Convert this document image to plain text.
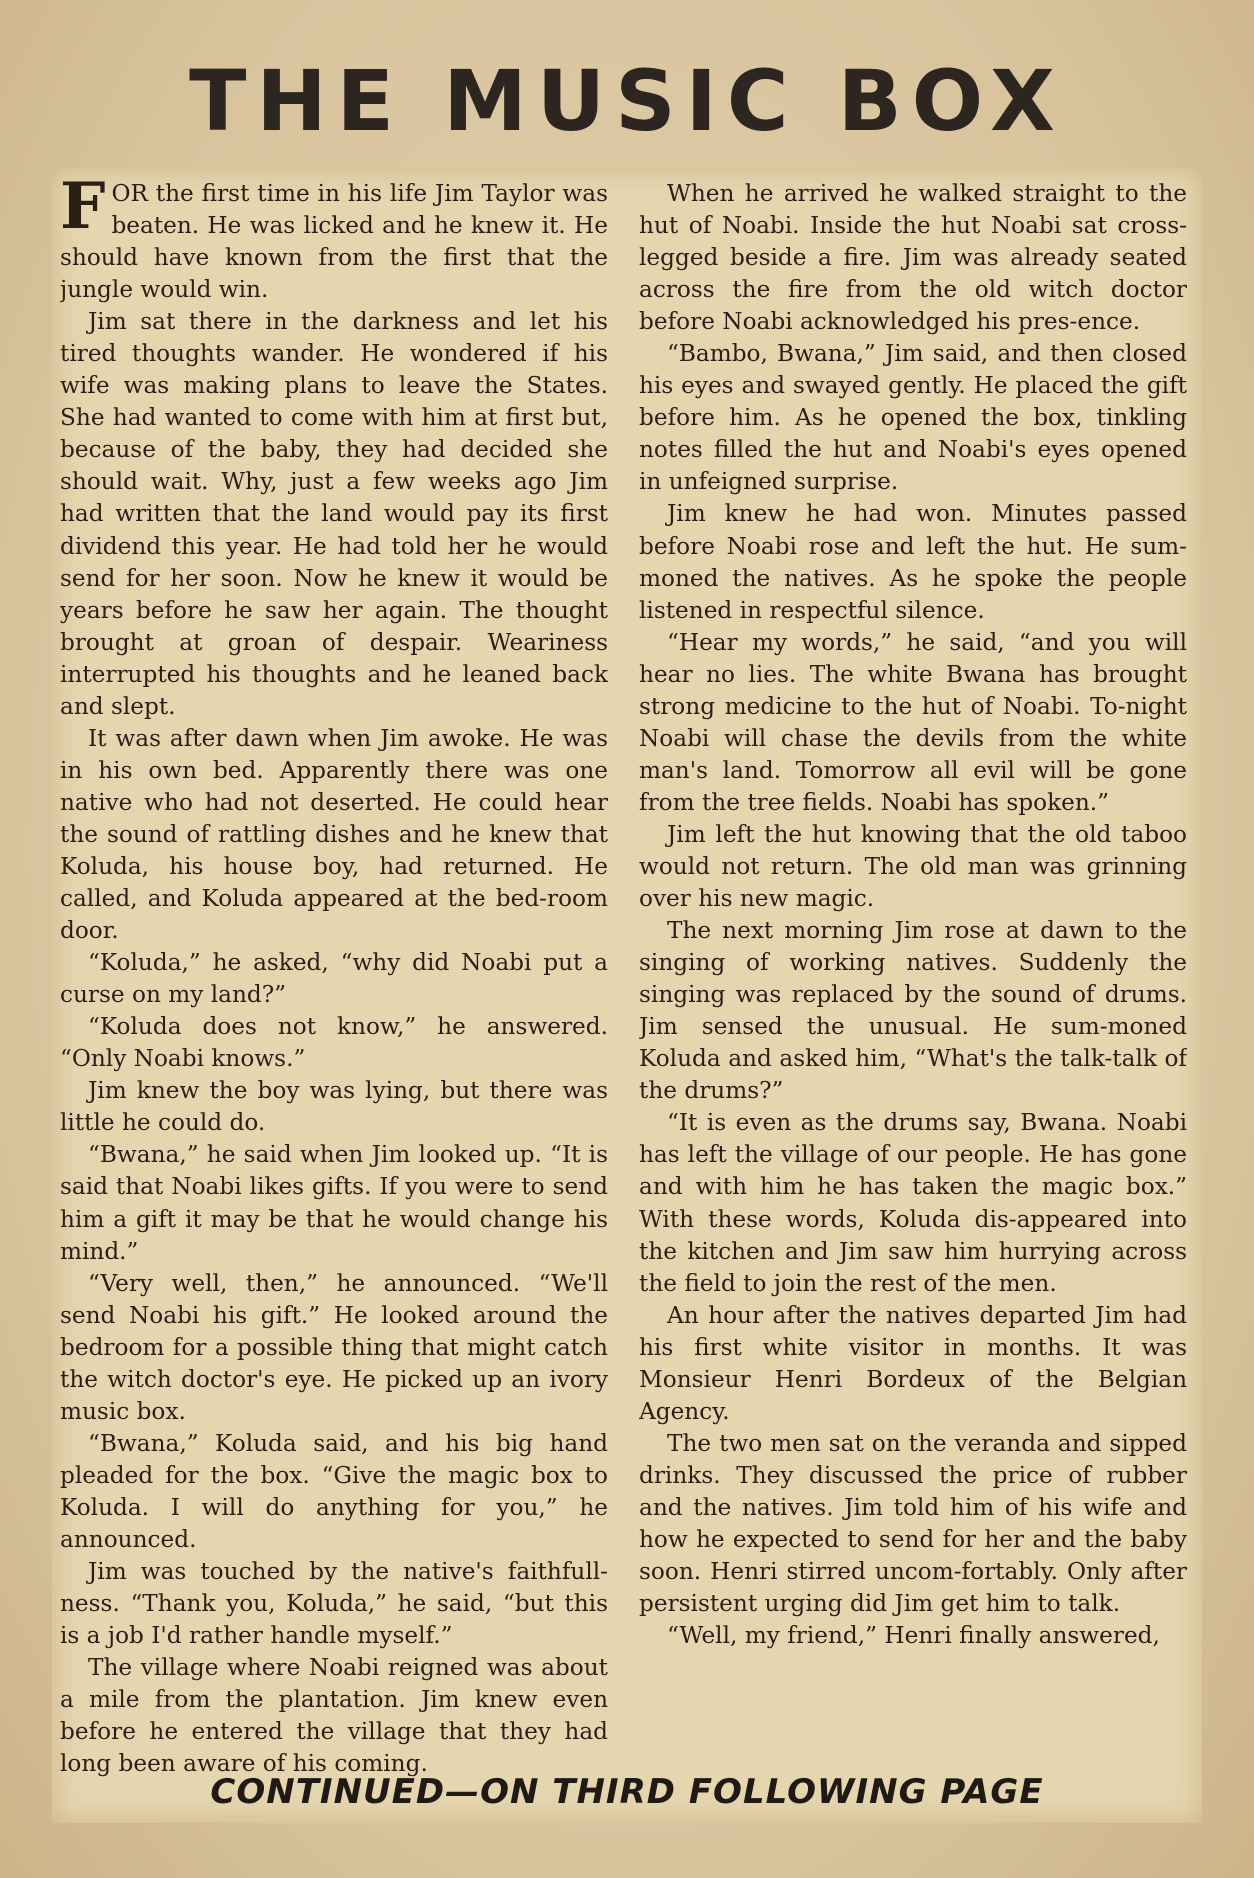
THE MUSIC BOX

FOR the first time in his life Jim Taylor was beaten. He was licked and he knew it. He should have known from the first that the jungle would win.

Jim sat there in the darkness and let his tired thoughts wander. He wondered if his wife was making plans to leave the States. She had wanted to come with him at first but, because of the baby, they had decided she should wait. Why, just a few weeks ago Jim had written that the land would pay its first dividend this year. He had told her he would send for her soon. Now he knew it would be years before he saw her again. The thought brought at groan of despair. Weariness interrupted his thoughts and he leaned back and slept.

It was after dawn when Jim awoke. He was in his own bed. Apparently there was one native who had not deserted. He could hear the sound of rattling dishes and he knew that Koluda, his house boy, had returned. He called, and Koluda appeared at the bed-room door.

“Koluda,” he asked, “why did Noabi put a curse on my land?”

“Koluda does not know,” he answered. “Only Noabi knows.”

Jim knew the boy was lying, but there was little he could do.

“Bwana,” he said when Jim looked up. “It is said that Noabi likes gifts. If you were to send him a gift it may be that he would change his mind.”

“Very well, then,” he announced. “We'll send Noabi his gift.” He looked around the bedroom for a possible thing that might catch the witch doctor's eye. He picked up an ivory music box.

“Bwana,” Koluda said, and his big hand pleaded for the box. “Give the magic box to Koluda. I will do anything for you,” he announced.

Jim was touched by the native's faithfull-ness. “Thank you, Koluda,” he said, “but this is a job I'd rather handle myself.”

The village where Noabi reigned was about a mile from the plantation. Jim knew even before he entered the village that they had long been aware of his coming.

When he arrived he walked straight to the hut of Noabi. Inside the hut Noabi sat cross-legged beside a fire. Jim was already seated across the fire from the old witch doctor before Noabi acknowledged his pres-ence.

“Bambo, Bwana,” Jim said, and then closed his eyes and swayed gently. He placed the gift before him. As he opened the box, tinkling notes filled the hut and Noabi's eyes opened in unfeigned surprise.

Jim knew he had won. Minutes passed before Noabi rose and left the hut. He sum-moned the natives. As he spoke the people listened in respectful silence.

“Hear my words,” he said, “and you will hear no lies. The white Bwana has brought strong medicine to the hut of Noabi. To-night Noabi will chase the devils from the white man's land. Tomorrow all evil will be gone from the tree fields. Noabi has spoken.”

Jim left the hut knowing that the old taboo would not return. The old man was grinning over his new magic.

The next morning Jim rose at dawn to the singing of working natives. Suddenly the singing was replaced by the sound of drums. Jim sensed the unusual. He sum-moned Koluda and asked him, “What's the talk-talk of the drums?”

“It is even as the drums say, Bwana. Noabi has left the village of our people. He has gone and with him he has taken the magic box.” With these words, Koluda dis-appeared into the kitchen and Jim saw him hurrying across the field to join the rest of the men.

An hour after the natives departed Jim had his first white visitor in months. It was Monsieur Henri Bordeux of the Belgian Agency.

The two men sat on the veranda and sipped drinks. They discussed the price of rubber and the natives. Jim told him of his wife and how he expected to send for her and the baby soon. Henri stirred uncom-fortably. Only after persistent urging did Jim get him to talk.

“Well, my friend,” Henri finally answered,

CONTINUED—ON THIRD FOLLOWING PAGE
